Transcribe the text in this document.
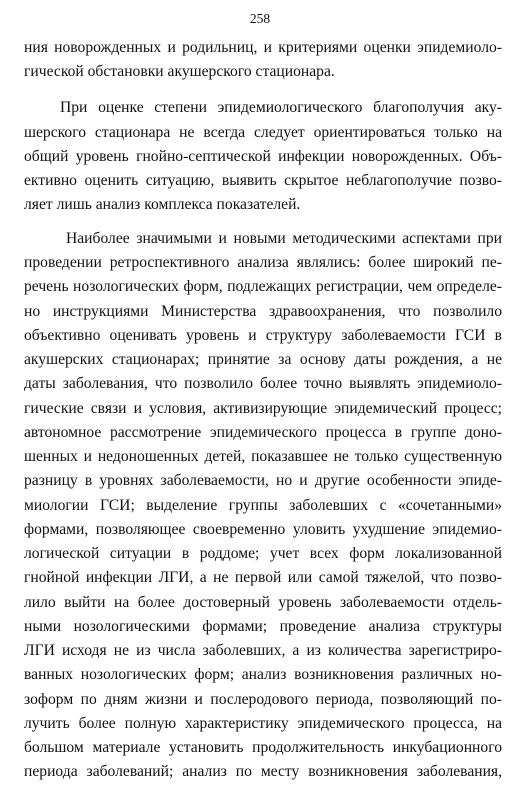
258

ния новорожденных и родильниц, и критериями оценки эпидемиоло-

гической обстановки акушерского стационара.

При оценке степени эпидемиологического благополучия аку-

шерского стационара не всегда следует ориентироваться только на

общий уровень гнойно-септической инфекции новорожденных. Объ-

ективно оценить ситуацию, выявить скрытое неблагополучие позво-

ляет лишь анализ комплекса показателей.

Наиболее значимыми и новыми методическими аспектами при

проведении ретроспективного анализа являлись: более широкий пе-

речень нозологических форм, подлежащих регистрации, чем определе-

но инструкциями Министерства здравоохранения, что позволило

объективно оценивать уровень и структуру заболеваемости ГСИ в

акушерских стационарах; принятие за основу даты рождения, а не

даты заболевания, что позволило более точно выявлять эпидемиоло-

гические связи и условия, активизирующие эпидемический процесс;

автономное рассмотрение эпидемического процесса в группе доно-

шенных и недоношенных детей, показавшее не только существенную

разницу в уровнях заболеваемости, но и другие особенности эпиде-

миологии ГСИ; выделение группы заболевших с «сочетанными»

формами, позволяющее своевременно уловить ухудшение эпидемио-

логической ситуации в роддоме; учет всех форм локализованной

гнойной инфекции ЛГИ, а не первой или самой тяжелой, что позво-

лило выйти на более достоверный уровень заболеваемости отдель-

ными нозологическими формами; проведение анализа структуры

ЛГИ исходя не из числа заболевших, а из количества зарегистриро-

ванных нозологических форм; анализ возникновения различных но-

зоформ по дням жизни и послеродового периода, позволяющий по-

лучить более полную характеристику эпидемического процесса, на

большом материале установить продолжительность инкубационного

периода заболеваний; анализ по месту возникновения заболевания,
